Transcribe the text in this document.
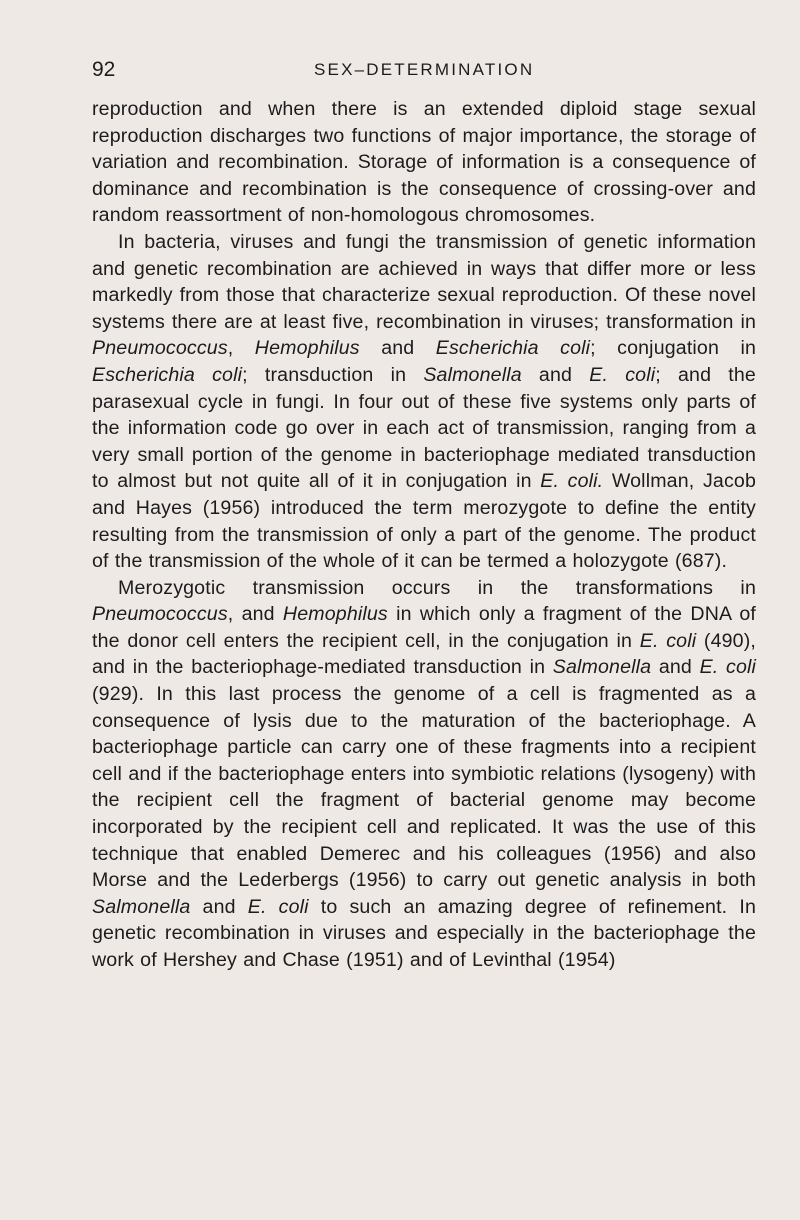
92	SEX–DETERMINATION

reproduction and when there is an extended diploid stage sexual reproduction discharges two functions of major importance, the storage of variation and recombination. Storage of information is a consequence of dominance and recombination is the consequence of crossing-over and random reassortment of non-homologous chromosomes.

In bacteria, viruses and fungi the transmission of genetic information and genetic recombination are achieved in ways that differ more or less markedly from those that characterize sexual reproduction. Of these novel systems there are at least five, recombination in viruses; transformation in Pneumococcus, Hemophilus and Escherichia coli; conjugation in Escherichia coli; transduction in Salmonella and E. coli; and the parasexual cycle in fungi. In four out of these five systems only parts of the information code go over in each act of transmission, ranging from a very small portion of the genome in bacteriophage mediated transduction to almost but not quite all of it in conjugation in E. coli. Wollman, Jacob and Hayes (1956) introduced the term merozygote to define the entity resulting from the transmission of only a part of the genome. The product of the transmission of the whole of it can be termed a holozygote (687).

Merozygotic transmission occurs in the transformations in Pneumococcus, and Hemophilus in which only a fragment of the DNA of the donor cell enters the recipient cell, in the conjugation in E. coli (490), and in the bacteriophage-mediated transduction in Salmonella and E. coli (929). In this last process the genome of a cell is fragmented as a consequence of lysis due to the maturation of the bacteriophage. A bacteriophage particle can carry one of these fragments into a recipient cell and if the bacteriophage enters into symbiotic relations (lysogeny) with the recipient cell the fragment of bacterial genome may become incorporated by the recipient cell and replicated. It was the use of this technique that enabled Demerec and his colleagues (1956) and also Morse and the Lederbergs (1956) to carry out genetic analysis in both Salmonella and E. coli to such an amazing degree of refinement. In genetic recombination in viruses and especially in the bacteriophage the work of Hershey and Chase (1951) and of Levinthal (1954)
